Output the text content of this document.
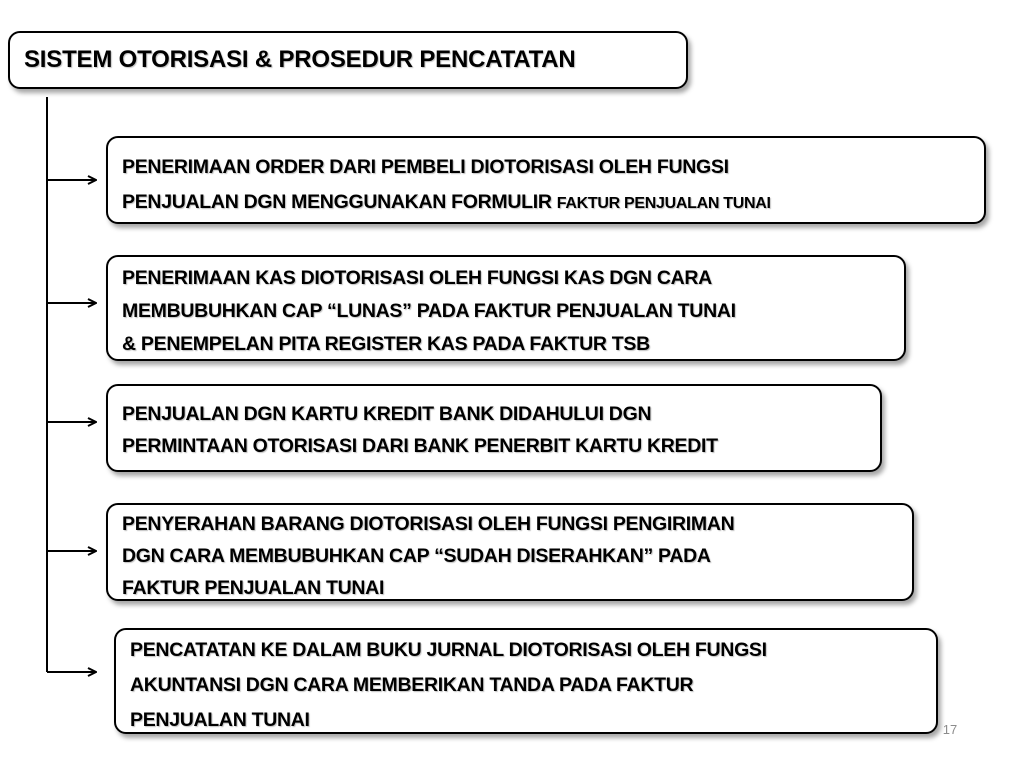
SISTEM OTORISASI & PROSEDUR PENCATATAN
PENERIMAAN ORDER DARI PEMBELI DIOTORISASI OLEH FUNGSI
PENJUALAN DGN MENGGUNAKAN FORMULIR FAKTUR PENJUALAN TUNAI
PENERIMAAN KAS DIOTORISASI OLEH FUNGSI KAS DGN CARA
MEMBUBUHKAN CAP “LUNAS” PADA FAKTUR PENJUALAN TUNAI
& PENEMPELAN PITA REGISTER KAS PADA FAKTUR TSB
PENJUALAN DGN KARTU KREDIT BANK DIDAHULUI DGN
PERMINTAAN OTORISASI DARI BANK PENERBIT KARTU KREDIT
PENYERAHAN BARANG DIOTORISASI OLEH FUNGSI PENGIRIMAN
DGN CARA MEMBUBUHKAN CAP “SUDAH DISERAHKAN” PADA
FAKTUR PENJUALAN TUNAI
PENCATATAN KE DALAM BUKU JURNAL DIOTORISASI OLEH FUNGSI
AKUNTANSI DGN CARA MEMBERIKAN TANDA PADA FAKTUR
PENJUALAN TUNAI	17
